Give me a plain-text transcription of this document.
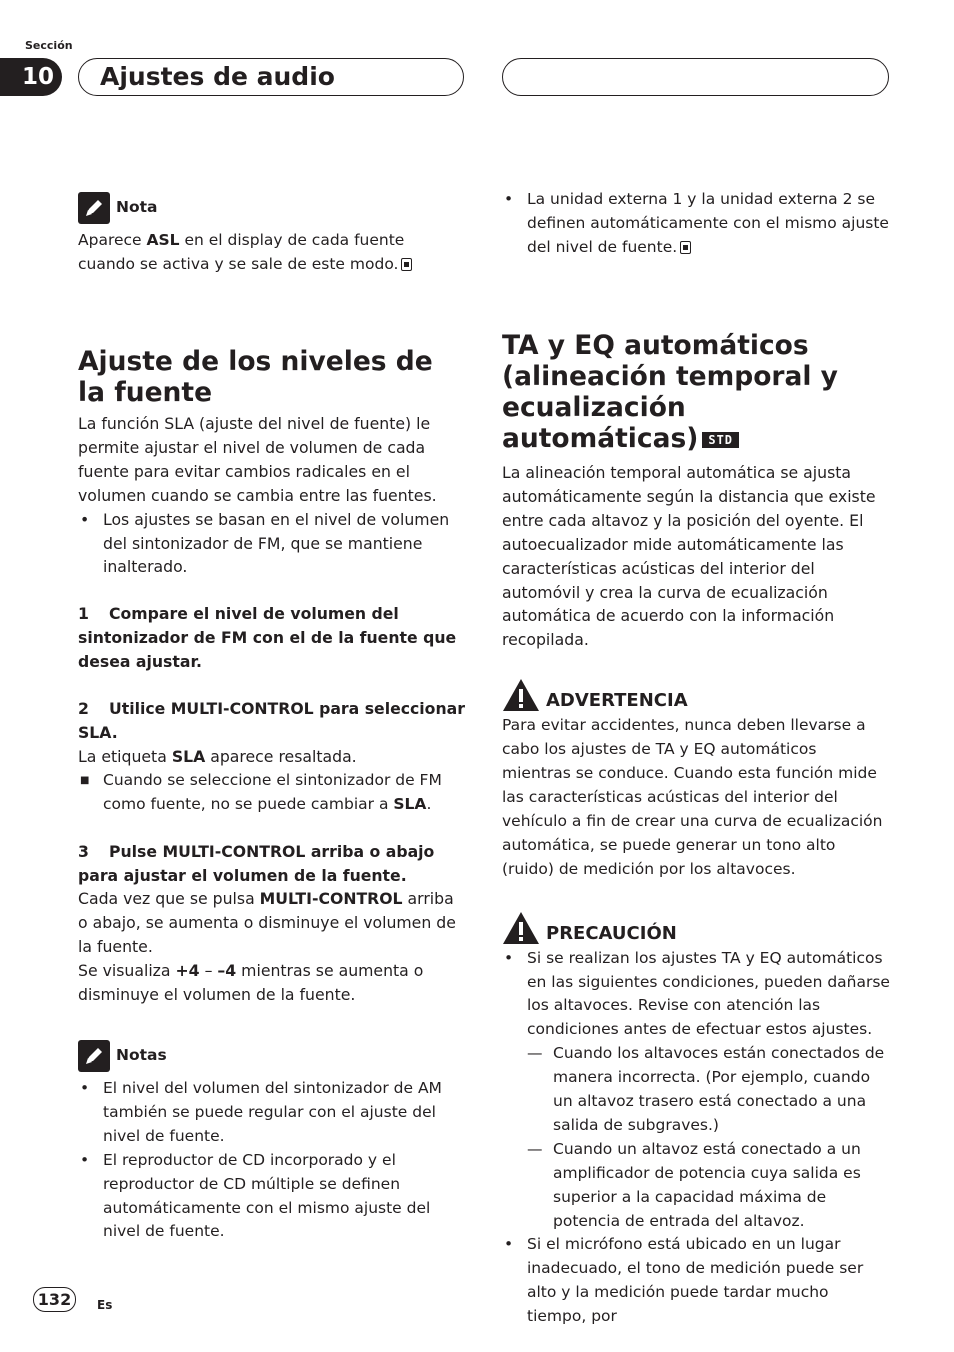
Sección
10	Ajustes de audio
Nota

Aparece ASL en el display de cada fuente cuando se activa y se sale de este modo.

Ajuste de los niveles de la fuente

La función SLA (ajuste del nivel de fuente) le permite ajustar el nivel de volumen de cada fuente para evitar cambios radicales en el volumen cuando se cambia entre las fuentes.

• Los ajustes se basan en el nivel de volumen del sintonizador de FM, que se mantiene inalterado.

1 Compare el nivel de volumen del sintonizador de FM con el de la fuente que desea ajustar.

2 Utilice MULTI-CONTROL para seleccionar SLA.

La etiqueta SLA aparece resaltada.

■ Cuando se seleccione el sintonizador de FM como fuente, no se puede cambiar a SLA.

3 Pulse MULTI-CONTROL arriba o abajo para ajustar el volumen de la fuente.

Cada vez que se pulsa MULTI-CONTROL arriba o abajo, se aumenta o disminuye el volumen de la fuente.

Se visualiza +4 – –4 mientras se aumenta o disminuye el volumen de la fuente.

Notas

• El nivel del volumen del sintonizador de AM también se puede regular con el ajuste del nivel de fuente.

• El reproductor de CD incorporado y el reproductor de CD múltiple se definen automáticamente con el mismo ajuste del nivel de fuente.

• La unidad externa 1 y la unidad externa 2 se definen automáticamente con el mismo ajuste del nivel de fuente.

TA y EQ automáticos (alineación temporal y ecualización automáticas) STD

La alineación temporal automática se ajusta automáticamente según la distancia que existe entre cada altavoz y la posición del oyente. El autoecualizador mide automáticamente las características acústicas del interior del automóvil y crea la curva de ecualización automática de acuerdo con la información recopilada.

ADVERTENCIA

Para evitar accidentes, nunca deben llevarse a cabo los ajustes de TA y EQ automáticos mientras se conduce. Cuando esta función mide las características acústicas del interior del vehículo a fin de crear una curva de ecualización automática, se puede generar un tono alto (ruido) de medición por los altavoces.

PRECAUCIÓN

• Si se realizan los ajustes TA y EQ automáticos en las siguientes condiciones, pueden dañarse los altavoces. Revise con atención las condiciones antes de efectuar estos ajustes.

— Cuando los altavoces están conectados de manera incorrecta. (Por ejemplo, cuando un altavoz trasero está conectado a una salida de subgraves.)

— Cuando un altavoz está conectado a un amplificador de potencia cuya salida es superior a la capacidad máxima de potencia de entrada del altavoz.

• Si el micrófono está ubicado en un lugar inadecuado, el tono de medición puede ser alto y la medición puede tardar mucho tiempo, por

132	Es
